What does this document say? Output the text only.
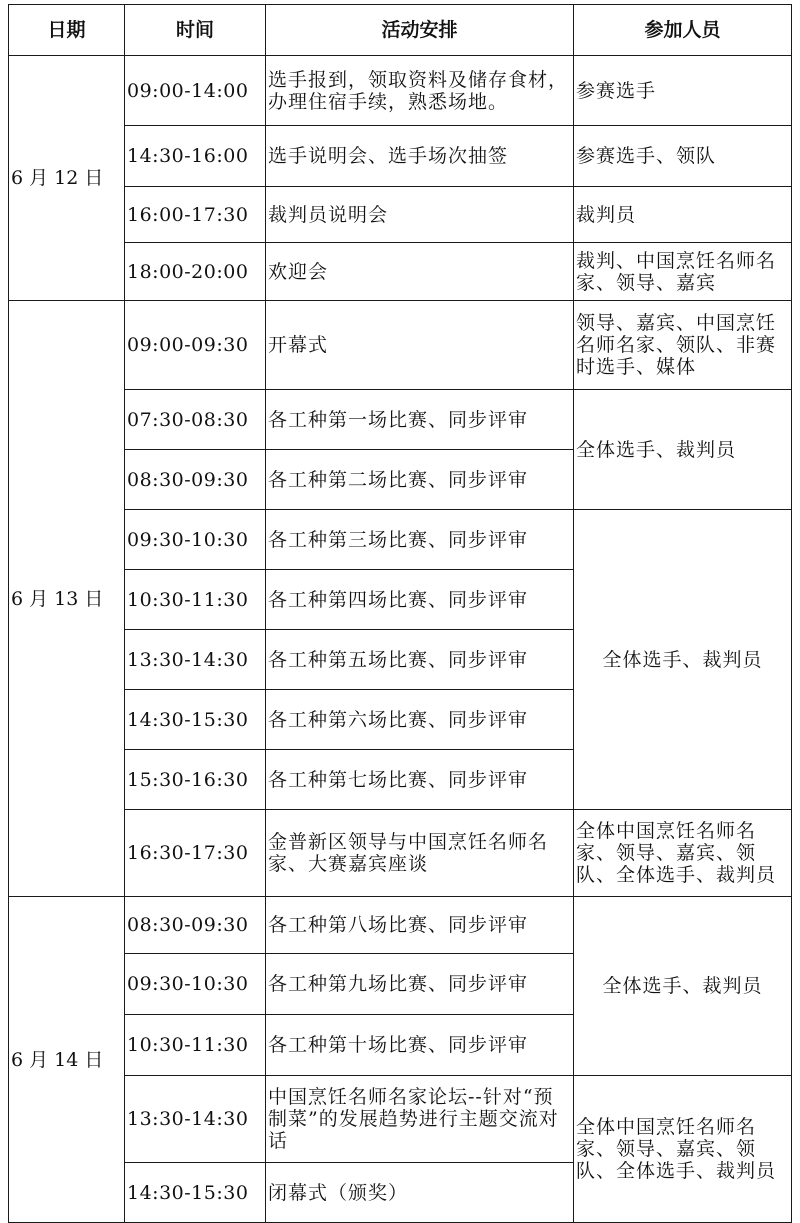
日期	时间	活动安排	参加人员
6 月 12 日	09:00-14:00	选手报到，领取资料及储存食材，办理住宿手续，熟悉场地。	参赛选手
	14:30-16:00	选手说明会、选手场次抽签	参赛选手、领队
	16:00-17:30	裁判员说明会	裁判员
	18:00-20:00	欢迎会	裁判、中国烹饪名师名家、领导、嘉宾
6 月 13 日	09:00-09:30	开幕式	领导、嘉宾、中国烹饪名师名家、领队、非赛时选手、媒体
	07:30-08:30	各工种第一场比赛、同步评审	全体选手、裁判员
	08:30-09:30	各工种第二场比赛、同步评审	
	09:30-10:30	各工种第三场比赛、同步评审	全体选手、裁判员
	10:30-11:30	各工种第四场比赛、同步评审	
	13:30-14:30	各工种第五场比赛、同步评审	
	14:30-15:30	各工种第六场比赛、同步评审	
	15:30-16:30	各工种第七场比赛、同步评审	
	16:30-17:30	金普新区领导与中国烹饪名师名家、大赛嘉宾座谈	全体中国烹饪名师名家、领导、嘉宾、领队、全体选手、裁判员
6 月 14 日	08:30-09:30	各工种第八场比赛、同步评审	全体选手、裁判员
	09:30-10:30	各工种第九场比赛、同步评审	
	10:30-11:30	各工种第十场比赛、同步评审	
	13:30-14:30	中国烹饪名师名家论坛--针对“预制菜”的发展趋势进行主题交流对话	全体中国烹饪名师名家、领导、嘉宾、领队、全体选手、裁判员
	14:30-15:30	闭幕式（颁奖）	
